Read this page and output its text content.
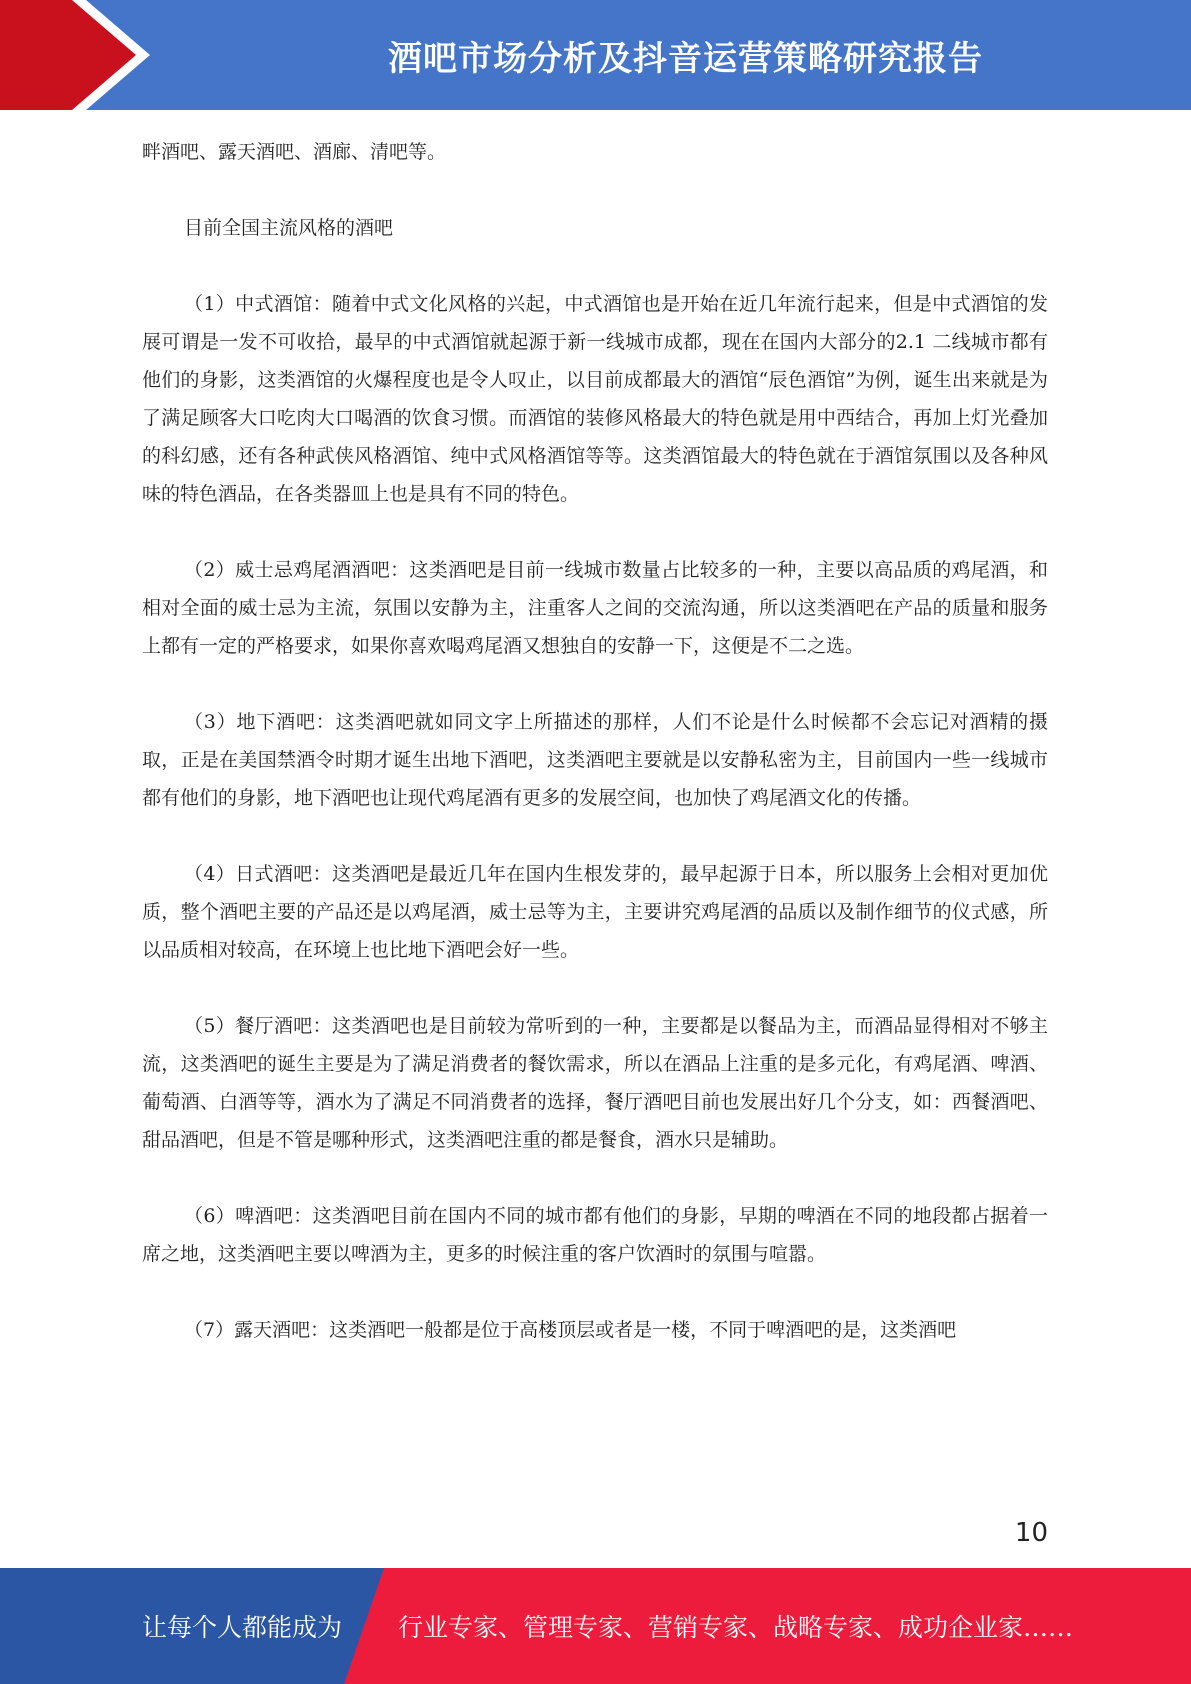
酒吧市场分析及抖音运营策略研究报告

畔酒吧、露天酒吧、酒廊、清吧等。

目前全国主流风格的酒吧

（1）中式酒馆：随着中式文化风格的兴起，中式酒馆也是开始在近几年流行起来，但是中式酒馆的发展可谓是一发不可收拾，最早的中式酒馆就起源于新一线城市成都，现在在国内大部分的2.1 二线城市都有他们的身影，这类酒馆的火爆程度也是令人叹止，以目前成都最大的酒馆“辰色酒馆”为例，诞生出来就是为了满足顾客大口吃肉大口喝酒的饮食习惯。而酒馆的装修风格最大的特色就是用中西结合，再加上灯光叠加的科幻感，还有各种武侠风格酒馆、纯中式风格酒馆等等。这类酒馆最大的特色就在于酒馆氛围以及各种风味的特色酒品，在各类器皿上也是具有不同的特色。

（2）威士忌鸡尾酒酒吧：这类酒吧是目前一线城市数量占比较多的一种，主要以高品质的鸡尾酒，和相对全面的威士忌为主流，氛围以安静为主，注重客人之间的交流沟通，所以这类酒吧在产品的质量和服务上都有一定的严格要求，如果你喜欢喝鸡尾酒又想独自的安静一下，这便是不二之选。

（3）地下酒吧：这类酒吧就如同文字上所描述的那样，人们不论是什么时候都不会忘记对酒精的摄取，正是在美国禁酒令时期才诞生出地下酒吧，这类酒吧主要就是以安静私密为主，目前国内一些一线城市都有他们的身影，地下酒吧也让现代鸡尾酒有更多的发展空间，也加快了鸡尾酒文化的传播。

（4）日式酒吧：这类酒吧是最近几年在国内生根发芽的，最早起源于日本，所以服务上会相对更加优质，整个酒吧主要的产品还是以鸡尾酒，威士忌等为主，主要讲究鸡尾酒的品质以及制作细节的仪式感，所以品质相对较高，在环境上也比地下酒吧会好一些。

（5）餐厅酒吧：这类酒吧也是目前较为常听到的一种，主要都是以餐品为主，而酒品显得相对不够主流，这类酒吧的诞生主要是为了满足消费者的餐饮需求，所以在酒品上注重的是多元化，有鸡尾酒、啤酒、葡萄酒、白酒等等，酒水为了满足不同消费者的选择，餐厅酒吧目前也发展出好几个分支，如：西餐酒吧、甜品酒吧，但是不管是哪种形式，这类酒吧注重的都是餐食，酒水只是辅助。

（6）啤酒吧：这类酒吧目前在国内不同的城市都有他们的身影，早期的啤酒在不同的地段都占据着一席之地，这类酒吧主要以啤酒为主，更多的时候注重的客户饮酒时的氛围与喧嚣。

（7）露天酒吧：这类酒吧一般都是位于高楼顶层或者是一楼，不同于啤酒吧的是，这类酒吧

10
让每个人都能成为 行业专家、管理专家、营销专家、战略专家、成功企业家……
